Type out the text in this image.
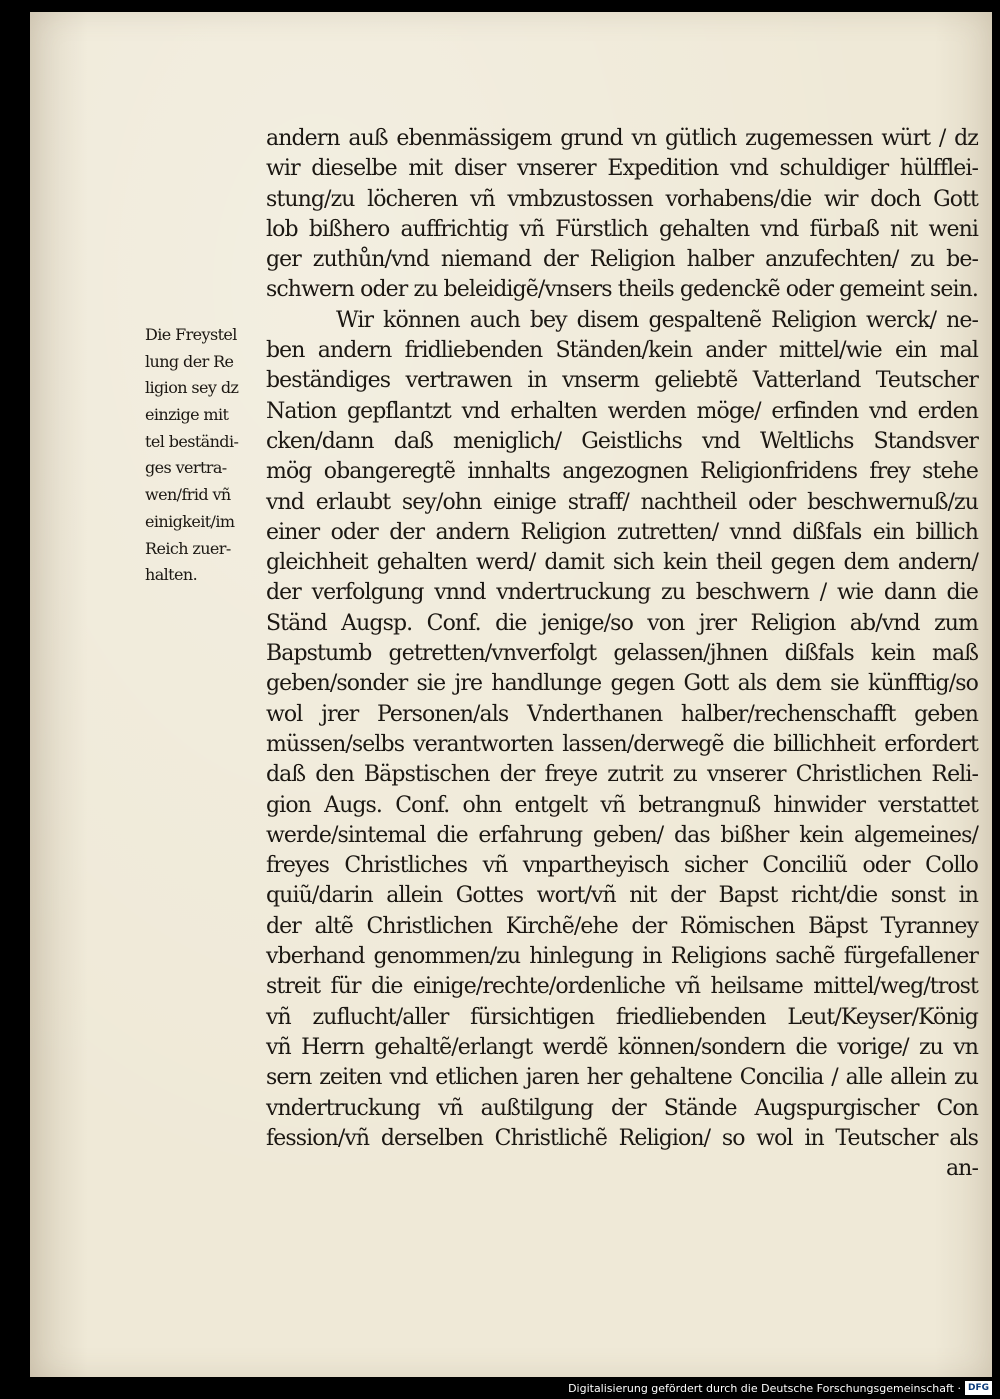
andern auß ebenmässigem grund vn gütlich zugemessen würt / dz
wir dieselbe mit diser vnserer Expedition vnd schuldiger hülfflei-
stung/zu löcheren vñ vmbzustossen vorhabens/die wir doch Gott
lob bißhero auffrichtig vñ Fürstlich gehalten vnd fürbaß nit weni
ger zuthůn/vnd niemand der Religion halber anzufechten/ zu be-
schwern oder zu beleidigẽ/vnsers theils gedenckẽ oder gemeint sein.
Wir können auch bey disem gespaltenẽ Religion werck/ ne-
ben andern fridliebenden Ständen/kein ander mittel/wie ein mal
beständiges vertrawen in vnserm geliebtẽ Vatterland Teutscher
Nation gepflantzt vnd erhalten werden möge/ erfinden vnd erden
cken/dann daß meniglich/ Geistlichs vnd Weltlichs Standsver
mög obangeregtẽ innhalts angezognen Religionfridens frey stehe
vnd erlaubt sey/ohn einige straff/ nachtheil oder beschwernuß/zu
einer oder der andern Religion zutretten/ vnnd dißfals ein billich
gleichheit gehalten werd/ damit sich kein theil gegen dem andern/
der verfolgung vnnd vndertruckung zu beschwern / wie dann die
Ständ Augsp. Conf. die jenige/so von jrer Religion ab/vnd zum
Bapstumb getretten/vnverfolgt gelassen/jhnen dißfals kein maß
geben/sonder sie jre handlunge gegen Gott als dem sie künfftig/so
wol jrer Personen/als Vnderthanen halber/rechenschafft geben
müssen/selbs verantworten lassen/derwegẽ die billichheit erfordert
daß den Bäpstischen der freye zutrit zu vnserer Christlichen Reli-
gion Augs. Conf. ohn entgelt vñ betrangnuß hinwider verstattet
werde/sintemal die erfahrung geben/ das bißher kein algemeines/
freyes Christliches vñ vnpartheyisch sicher Conciliũ oder Collo
quiũ/darin allein Gottes wort/vñ nit der Bapst richt/die sonst in
der altẽ Christlichen Kirchẽ/ehe der Römischen Bäpst Tyranney
vberhand genommen/zu hinlegung in Religions sachẽ fürgefallener
streit für die einige/rechte/ordenliche vñ heilsame mittel/weg/trost
vñ zuflucht/aller fürsichtigen friedliebenden Leut/Keyser/König
vñ Herrn gehaltẽ/erlangt werdẽ können/sondern die vorige/ zu vn
sern zeiten vnd etlichen jaren her gehaltene Concilia / alle allein zu
vndertruckung vñ außtilgung der Stände Augspurgischer Con
fession/vñ derselben Christlichẽ Religion/ so wol in Teutscher als
an-
Die Freystel
lung der Re
ligion sey dz
einzige mit
tel beständi-
ges vertra-
wen/frid vñ
einigkeit/im
Reich zuer-
halten.
Digitalisierung gefördert durch die Deutsche Forschungsgemeinschaft · DFG
